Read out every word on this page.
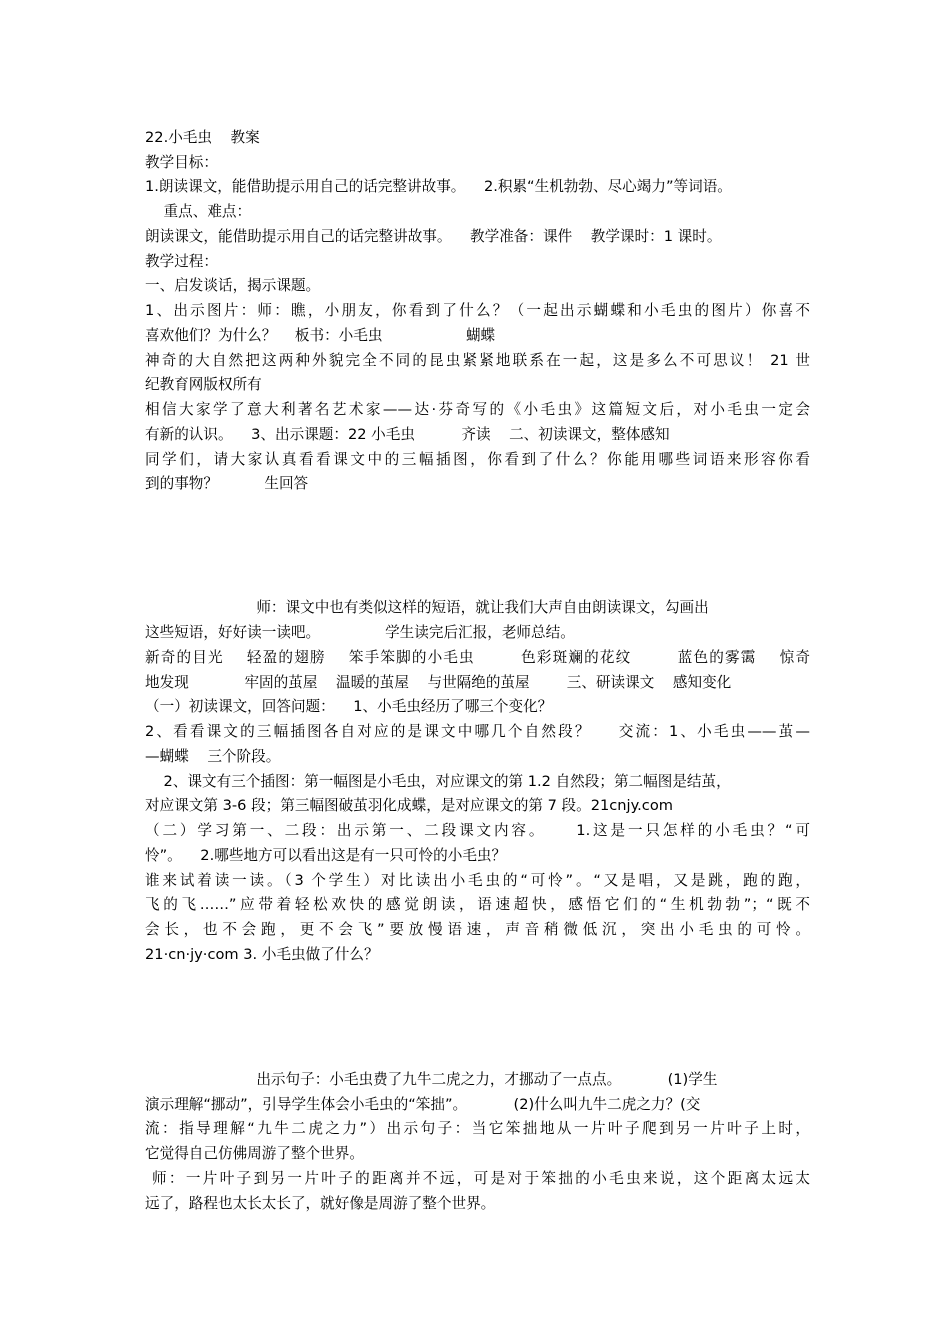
22.小毛虫    教案
教学目标：
1.朗读课文，能借助提示用自己的话完整讲故事。    2.积累“生机勃勃、尽心竭力”等词语。
重点、难点：
朗读课文，能借助提示用自己的话完整讲故事。    教学准备：课件    教学课时：1 课时。
教学过程：
一、启发谈话，揭示课题。
1、出示图片：师：瞧，小朋友，你看到了什么？（一起出示蝴蝶和小毛虫的图片）你喜不
喜欢他们？为什么？    板书：小毛虫                  蝴蝶
神奇的大自然把这两种外貌完全不同的昆虫紧紧地联系在一起，这是多么不可思议！ 21 世
纪教育网版权所有
相信大家学了意大利著名艺术家——达·芬奇写的《小毛虫》这篇短文后，对小毛虫一定会
有新的认识。    3、出示课题：22 小毛虫          齐读    二、初读课文，整体感知
同学们，请大家认真看看课文中的三幅插图，你看到了什么？你能用哪些词语来形容你看
到的事物？          生回答
师：课文中也有类似这样的短语，就让我们大声自由朗读课文，勾画出
这些短语，好好读一读吧。              学生读完后汇报，老师总结。
新奇的目光    轻盈的翅膀    笨手笨脚的小毛虫        色彩斑斓的花纹        蓝色的雾霭    惊奇
地发现            牢固的茧屋    温暖的茧屋    与世隔绝的茧屋        三、研读课文    感知变化
（一）初读课文，回答问题：    1、小毛虫经历了哪三个变化？
2、看看课文的三幅插图各自对应的是课文中哪几个自然段？    交流：1、小毛虫——茧—
—蝴蝶    三个阶段。
2、课文有三个插图：第一幅图是小毛虫，对应课文的第 1.2 自然段；第二幅图是结茧，
对应课文第 3-6 段；第三幅图破茧羽化成蝶，是对应课文的第 7 段。21cnjy.com
（二）学习第一、二段：出示第一、二段课文内容。    1.这是一只怎样的小毛虫？“可
怜”。    2.哪些地方可以看出这是有一只可怜的小毛虫？
谁来试着读一读。（3 个学生）对比读出小毛虫的“可怜”。“又是唱，又是跳，跑的跑，
飞的飞……”应带着轻松欢快的感觉朗读，语速超快，感悟它们的“生机勃勃”；“既不
会长，也不会跑，更不会飞”要放慢语速，声音稍微低沉，突出小毛虫的可怜。
21·cn·jy·com 3. 小毛虫做了什么？
出示句子：小毛虫费了九牛二虎之力，才挪动了一点点。          (1)学生
演示理解“挪动”，引导学生体会小毛虫的“笨拙”。          (2)什么叫九牛二虎之力？(交
流：指导理解“九牛二虎之力”）出示句子：当它笨拙地从一片叶子爬到另一片叶子上时，
它觉得自己仿佛周游了整个世界。
师：一片叶子到另一片叶子的距离并不远，可是对于笨拙的小毛虫来说，这个距离太远太
远了，路程也太长太长了，就好像是周游了整个世界。
